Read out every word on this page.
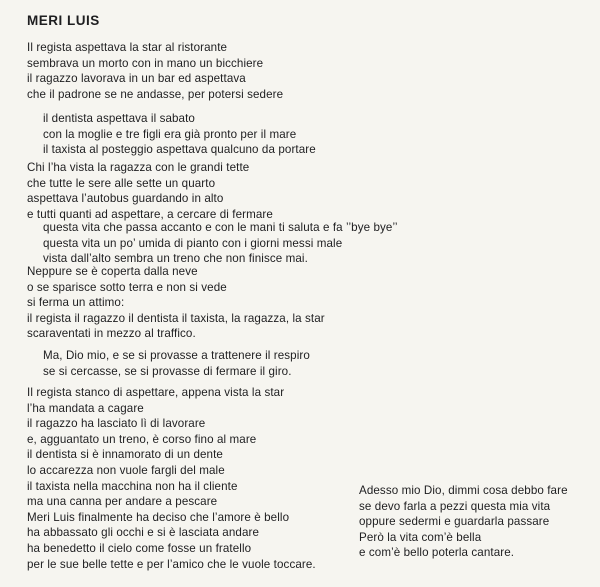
MERI LUIS
Il regista aspettava la star al ristorante
sembrava un morto con in mano un bicchiere
il ragazzo lavorava in un bar ed aspettava
che il padrone se ne andasse, per potersi sedere
il dentista aspettava il sabato
con la moglie e tre figli era già pronto per il mare
il taxista al posteggio aspettava qualcuno da portare
Chi l’ha vista la ragazza con le grandi tette
che tutte le sere alle sette un quarto
aspettava l’autobus guardando in alto
e tutti quanti ad aspettare, a cercare di fermare
questa vita che passa accanto e con le mani ti saluta e fa ’’bye bye’’
questa vita un po’ umida di pianto con i giorni messi male
vista dall’alto sembra un treno che non finisce mai.
Neppure se è coperta dalla neve
o se sparisce sotto terra e non si vede
si ferma un attimo:
il regista il ragazzo il dentista il taxista, la ragazza, la star
scaraventati in mezzo al traffico.
Ma, Dio mio, e se si provasse a trattenere il respiro
se si cercasse, se si provasse di fermare il giro.
Il regista stanco di aspettare, appena vista la star
l’ha mandata a cagare
il ragazzo ha lasciato lì di lavorare
e, agguantato un treno, è corso fino al mare
il dentista si è innamorato di un dente
lo accarezza non vuole fargli del male
il taxista nella macchina non ha il cliente
ma una canna per andare a pescare
Meri Luis finalmente ha deciso che l’amore è bello
ha abbassato gli occhi e si è lasciata andare
ha benedetto il cielo come fosse un fratello
per le sue belle tette e per l’amico che le vuole toccare.
Adesso mio Dio, dimmi cosa debbo fare
se devo farla a pezzi questa mia vita
oppure sedermi e guardarla passare
Però la vita com’è bella
e com’è bello poterla cantare.
